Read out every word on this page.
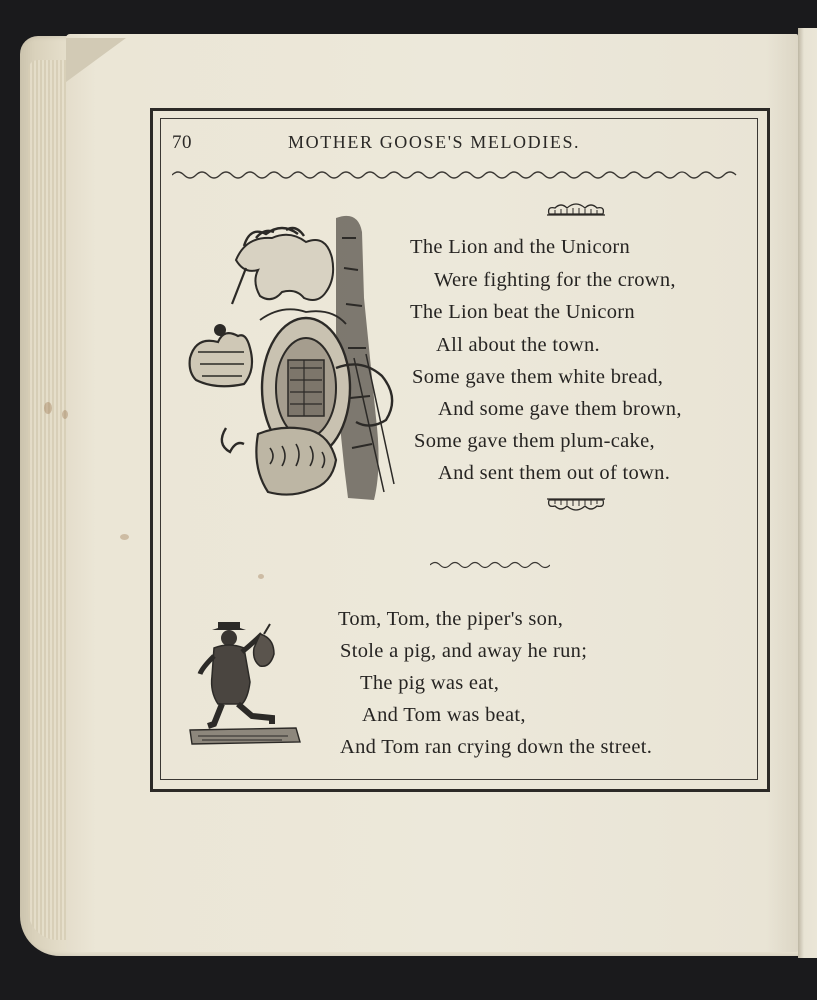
70	MOTHER GOOSE'S MELODIES.
The Lion and the Unicorn
Were fighting for the crown,
The Lion beat the Unicorn
All about the town.
Some gave them white bread,
And some gave them brown,
Some gave them plum-cake,
And sent them out of town.
Tom, Tom, the piper's son,
Stole a pig, and away he run;
The pig was eat,
And Tom was beat,
And Tom ran crying down the street.
